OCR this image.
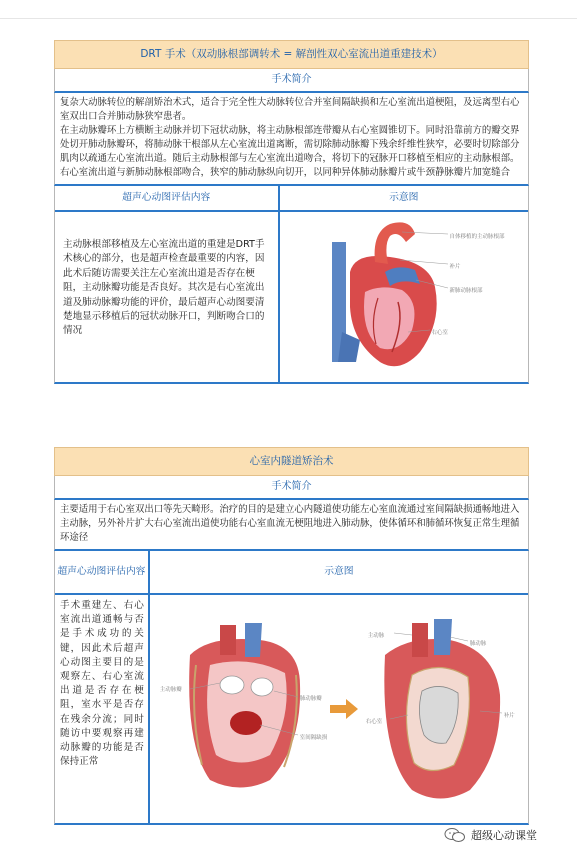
DRT 手术（双动脉根部调转术 = 解剖性双心室流出道重建技术）
手术简介

复杂大动脉转位的解剖矫治术式，适合于完全性大动脉转位合并室间隔缺损和左心室流出道梗阻，及远离型右心室双出口合并肺动脉狭窄患者。

在主动脉瓣环上方横断主动脉并切下冠状动脉，将主动脉根部连带瓣从右心室圆锥切下。同时沿靠前方的瓣交界处切开肺动脉瓣环，将肺动脉干根部从左心室流出道离断，需切除肺动脉瓣下残余纤维性狭窄，必要时切除部分肌肉以疏通左心室流出道。随后主动脉根部与左心室流出道吻合，将切下的冠脉开口移植至相应的主动脉根部。右心室流出道与新肺动脉根部吻合，狭窄的肺动脉纵向切开，以同种异体肺动脉瓣片或牛颈静脉瓣片加宽缝合

超声心动图评估内容
主动脉根部移植及左心室流出道的重建是DRT手术核心的部分，也是超声检查最重要的内容，因此术后随访需要关注左心室流出道是否存在梗阻，主动脉瓣功能是否良好。其次是右心室流出道及肺动脉瓣功能的评价，最后超声心动图要清楚地显示移植后的冠状动脉开口，判断吻合口的情况
示意图
自体移植的主动脉根部
补片
新肺动脉根部
右心室
心室内隧道矫治术
手术简介
主要适用于右心室双出口等先天畸形。治疗的目的是建立心内隧道使功能左心室血流通过室间隔缺损通畅地进入主动脉，另外补片扩大右心室流出道使功能右心室血流无梗阻地进入肺动脉，使体循环和肺循环恢复正常生理循环途径
超声心动图评估内容
手术重建左、右心室流出道通畅与否是手术成功的关键，因此术后超声心动图主要目的是观察左、右心室流出道是否存在梗阻，室水平是否存在残余分流；同时随访中要观察再建动脉瓣的功能是否保持正常
示意图
主动脉瓣
肺动脉瓣
室间隔缺损
主动脉
肺动脉
右心室
补片
超级心动课堂
